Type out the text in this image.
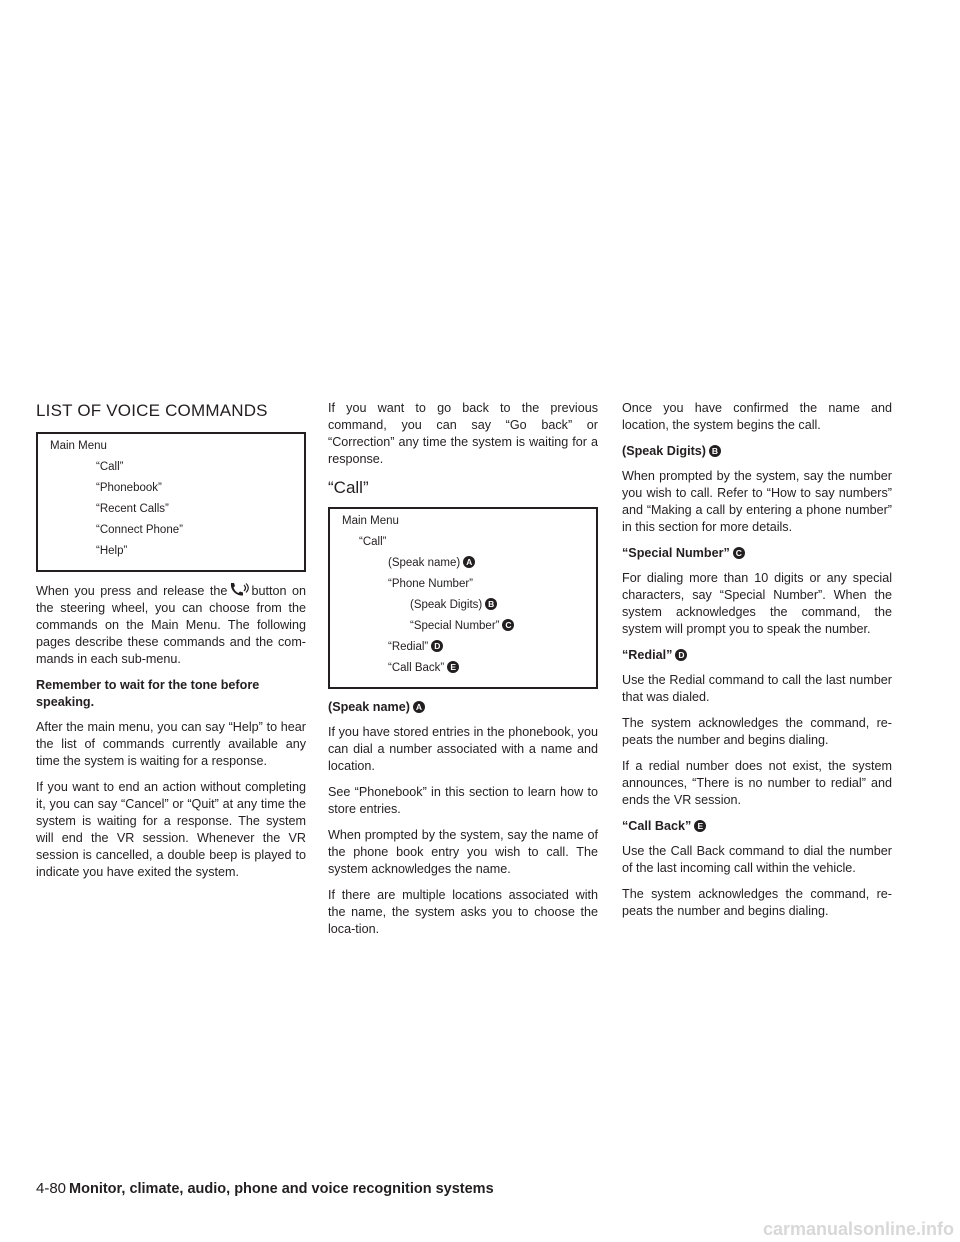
LIST OF VOICE COMMANDS
Main Menu
“Call”
“Phonebook”
“Recent Calls”
“Connect Phone”
“Help”

When you press and release the button on the steering wheel, you can choose from the commands on the Main Menu. The following pages describe these commands and the com-mands in each sub-menu.

Remember to wait for the tone before speaking.

After the main menu, you can say “Help” to hear the list of commands currently available any time the system is waiting for a response.

If you want to end an action without completing it, you can say “Cancel” or “Quit” at any time the system is waiting for a response. The system will end the VR session. Whenever the VR session is cancelled, a double beep is played to indicate you have exited the system.

If you want to go back to the previous command, you can say “Go back” or “Correction” any time the system is waiting for a response.

“Call”
Main Menu
“Call”
(Speak name) A
“Phone Number”
(Speak Digits) B
“Special Number” C
“Redial” D
“Call Back” E

(Speak name) A

If you have stored entries in the phonebook, you can dial a number associated with a name and location.

See “Phonebook” in this section to learn how to store entries.

When prompted by the system, say the name of the phone book entry you wish to call. The system acknowledges the name.

If there are multiple locations associated with the name, the system asks you to choose the loca-tion.

Once you have confirmed the name and location, the system begins the call.

(Speak Digits) B

When prompted by the system, say the number you wish to call. Refer to “How to say numbers” and “Making a call by entering a phone number” in this section for more details.

“Special Number” C

For dialing more than 10 digits or any special characters, say “Special Number”. When the system acknowledges the command, the system will prompt you to speak the number.

“Redial” D

Use the Redial command to call the last number that was dialed.

The system acknowledges the command, re-peats the number and begins dialing.

If a redial number does not exist, the system announces, “There is no number to redial” and ends the VR session.

“Call Back” E

Use the Call Back command to dial the number of the last incoming call within the vehicle.

The system acknowledges the command, re-peats the number and begins dialing.

4-80 Monitor, climate, audio, phone and voice recognition systems
carmanualsonline.info
